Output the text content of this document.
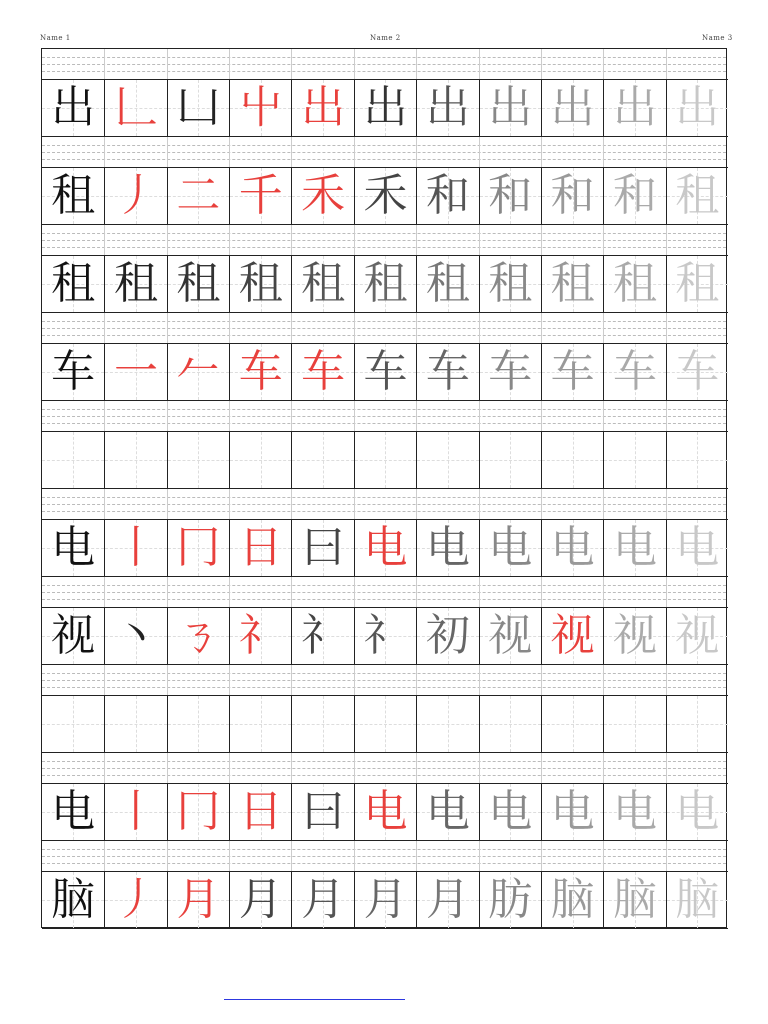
Name 1	Name 2	Name 3
出 𠃊 凵 屮 出 出 出 出 出 出 出
租 丿 二 千 禾 禾 和 和 和 和 租
租 租 租 租 租 租 租 租 租 租 租
车 一 𠂉 车 车 车 车 车 车 车 车
电 丨 冂 日 曰 电 电 电 电 电 电
视 丶 ㄋ 礻 礻 礻 初 视 视 视 视
电 丨 冂 日 曰 电 电 电 电 电 电
脑 丿 月 月 月 月 月 肪 脑 脑 脑
